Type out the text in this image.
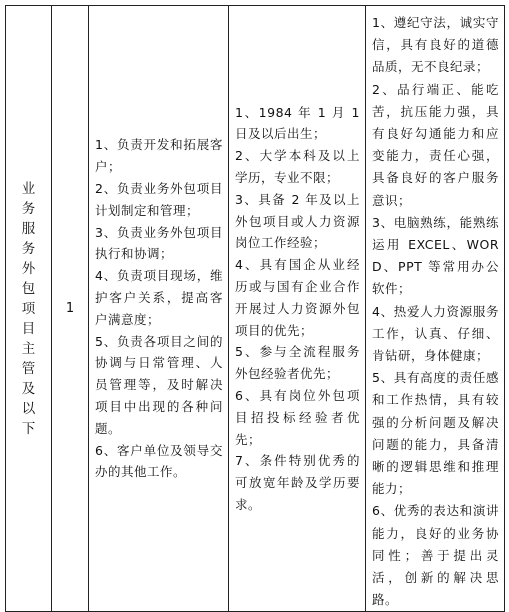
业务服务外包项目主管及以下	1	
1、负责开发和拓展客户；
2、负责业务外包项目计划制定和管理；
3、负责业务外包项目执行和协调；
4、负责项目现场，维护客户关系，提高客户满意度；
5、负责各项目之间的协调与日常管理、人员管理等，及时解决项目中出现的各种问题。
6、客户单位及领导交办的其他工作。

1、1984 年 1 月 1 日及以后出生；
2、大学本科及以上学历，专业不限；
3、具备 2 年及以上外包项目或人力资源岗位工作经验；
4、具有国企从业经历或与国有企业合作开展过人力资源外包项目的优先；
5、参与全流程服务外包经验者优先；
6、具有岗位外包项目招投标经验者优先；
7、条件特别优秀的可放宽年龄及学历要求。

1、遵纪守法，诚实守信，具有良好的道德品质，无不良纪录；
2、品行端正、能吃苦，抗压能力强，具有良好勾通能力和应变能力，责任心强，具备良好的客户服务意识；
3、电脑熟练，能熟练运用 EXCEL、WORD、PPT 等常用办公软件；
4、热爱人力资源服务工作，认真、仔细、肯钻研，身体健康；
5、具有高度的责任感和工作热情，具有较强的分析问题及解决问题的能力，具备清晰的逻辑思维和推理能力；
6、优秀的表达和演讲能力，良好的业务协同性；善于提出灵活，创新的解决思路。
